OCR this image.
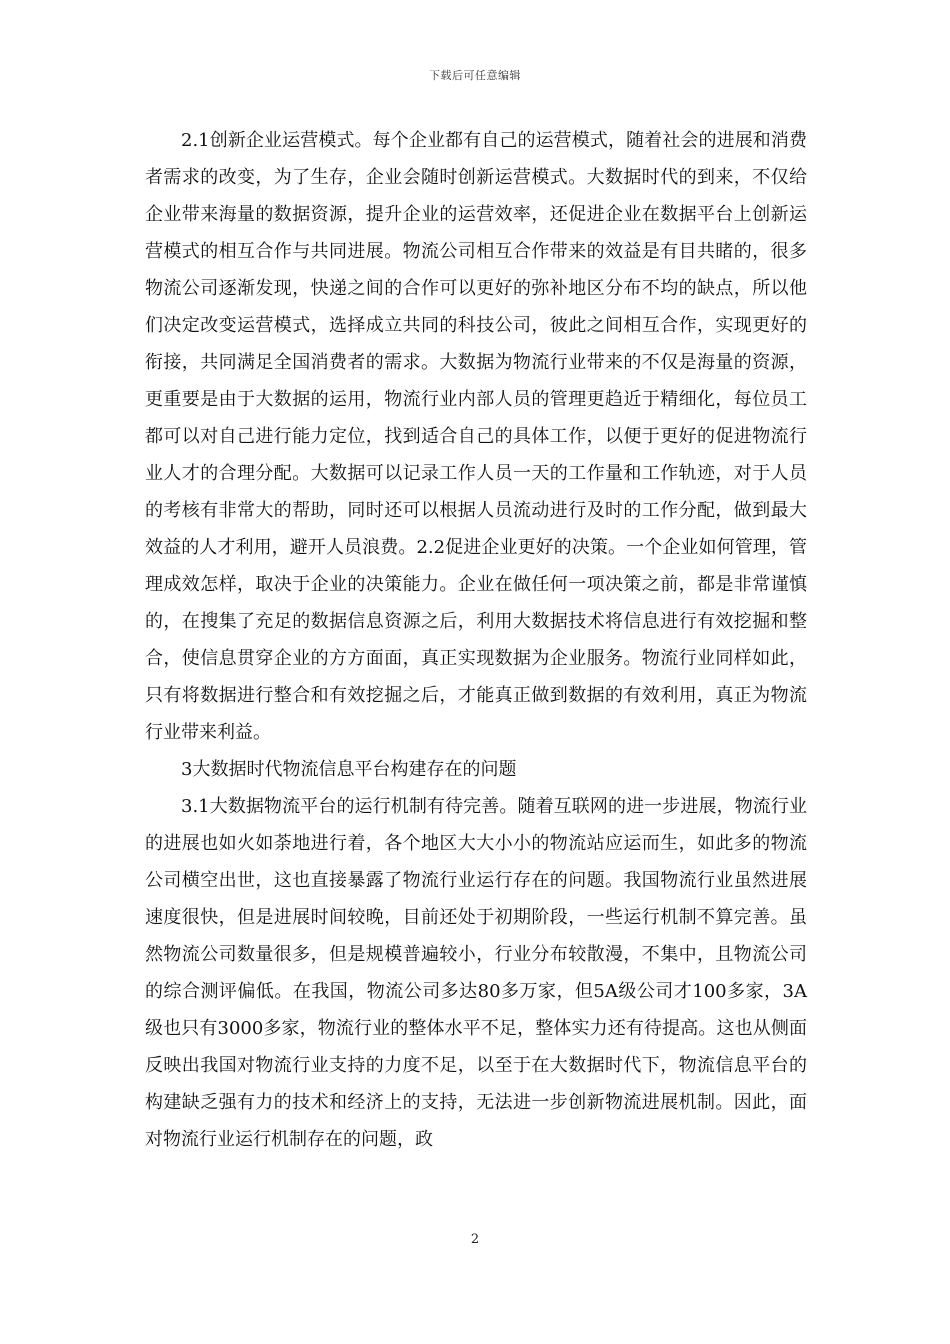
下载后可任意编辑

2.1创新企业运营模式。每个企业都有自己的运营模式，随着社会的进展和消费者需求的改变，为了生存，企业会随时创新运营模式。大数据时代的到来，不仅给企业带来海量的数据资源，提升企业的运营效率，还促进企业在数据平台上创新运营模式的相互合作与共同进展。物流公司相互合作带来的效益是有目共睹的，很多物流公司逐渐发现，快递之间的合作可以更好的弥补地区分布不均的缺点，所以他们决定改变运营模式，选择成立共同的科技公司，彼此之间相互合作，实现更好的衔接，共同满足全国消费者的需求。大数据为物流行业带来的不仅是海量的资源，更重要是由于大数据的运用，物流行业内部人员的管理更趋近于精细化，每位员工都可以对自己进行能力定位，找到适合自己的具体工作，以便于更好的促进物流行业人才的合理分配。大数据可以记录工作人员一天的工作量和工作轨迹，对于人员的考核有非常大的帮助，同时还可以根据人员流动进行及时的工作分配，做到最大效益的人才利用，避开人员浪费。2.2促进企业更好的决策。一个企业如何管理，管理成效怎样，取决于企业的决策能力。企业在做任何一项决策之前，都是非常谨慎的，在搜集了充足的数据信息资源之后，利用大数据技术将信息进行有效挖掘和整合，使信息贯穿企业的方方面面，真正实现数据为企业服务。物流行业同样如此，只有将数据进行整合和有效挖掘之后，才能真正做到数据的有效利用，真正为物流行业带来利益。

3大数据时代物流信息平台构建存在的问题

3.1大数据物流平台的运行机制有待完善。随着互联网的进一步进展，物流行业的进展也如火如荼地进行着，各个地区大大小小的物流站应运而生，如此多的物流公司横空出世，这也直接暴露了物流行业运行存在的问题。我国物流行业虽然进展速度很快，但是进展时间较晚，目前还处于初期阶段，一些运行机制不算完善。虽然物流公司数量很多，但是规模普遍较小，行业分布较散漫，不集中，且物流公司的综合测评偏低。在我国，物流公司多达80多万家，但5A级公司才100多家，3A级也只有3000多家，物流行业的整体水平不足，整体实力还有待提高。这也从侧面反映出我国对物流行业支持的力度不足，以至于在大数据时代下，物流信息平台的构建缺乏强有力的技术和经济上的支持，无法进一步创新物流进展机制。因此，面对物流行业运行机制存在的问题，政

2
